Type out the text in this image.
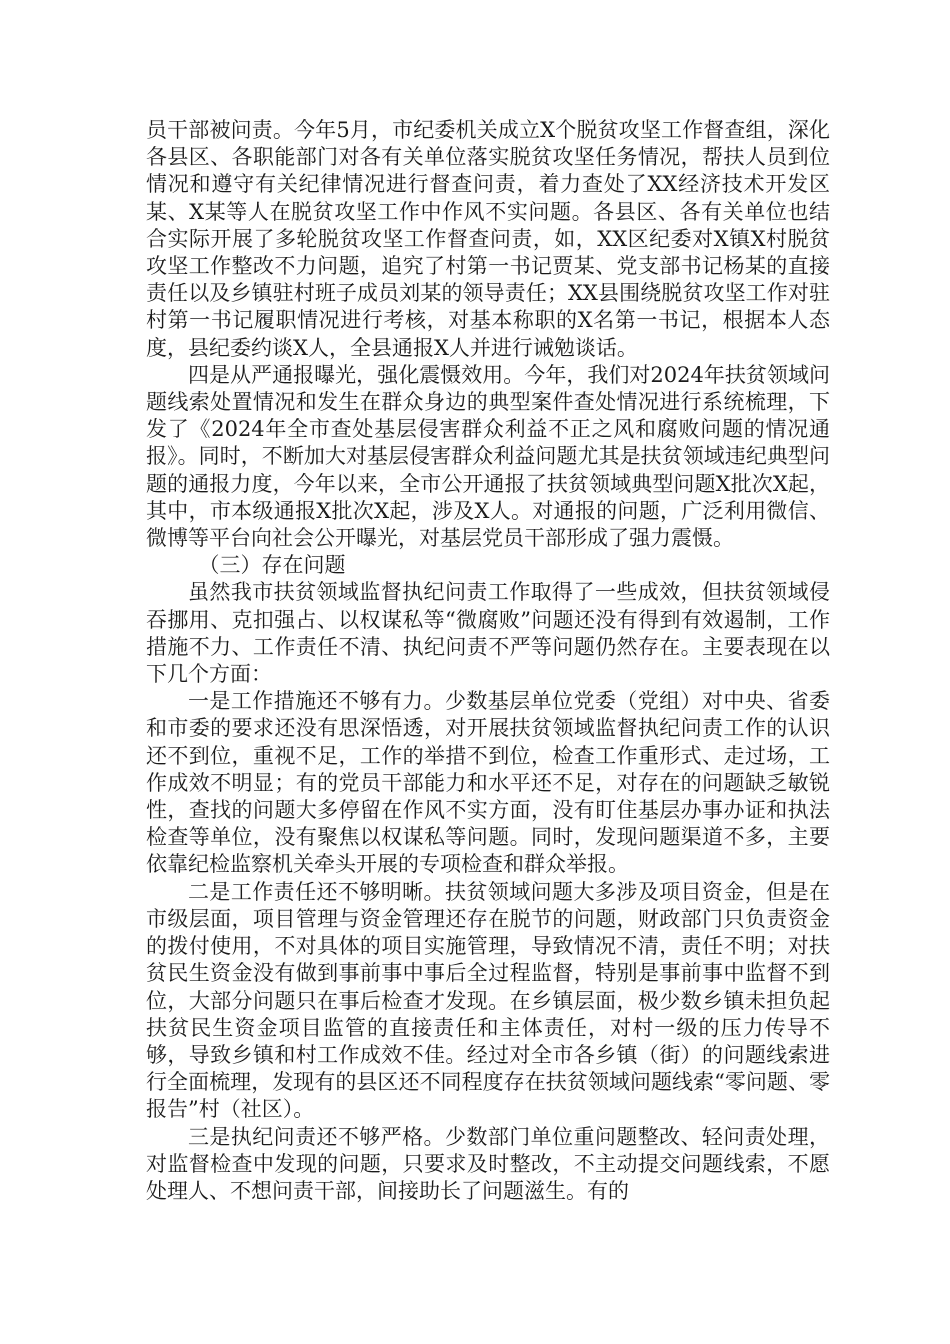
员干部被问责。今年5月，市纪委机关成立X个脱贫攻坚工作督查组，深化各县区、各职能部门对各有关单位落实脱贫攻坚任务情况，帮扶人员到位情况和遵守有关纪律情况进行督查问责，着力查处了XX经济技术开发区 某、X某等人在脱贫攻坚工作中作风不实问题。各县区、各有关单位也结合实际开展了多轮脱贫攻坚工作督查问责，如，XX区纪委对X镇X村脱贫攻坚工作整改不力问题，追究了村第一书记贾某、党支部书记杨某的直接责任以及乡镇驻村班子成员刘某的领导责任；XX县围绕脱贫攻坚工作对驻村第一书记履职情况进行考核，对基本称职的X名第一书记，根据本人态度，县纪委约谈X人，全县通报X人并进行诫勉谈话。

四是从严通报曝光，强化震慑效用。今年，我们对2024年扶贫领域问题线索处置情况和发生在群众身边的典型案件查处情况进行系统梳理，下发了《2024年全市查处基层侵害群众利益不正之风和腐败问题的情况通报》。同时，不断加大对基层侵害群众利益问题尤其是扶贫领域违纪典型问题的通报力度，今年以来，全市公开通报了扶贫领域典型问题X批次X起，其中，市本级通报X批次X起，涉及X人。对通报的问题，广泛利用微信、微博等平台向社会公开曝光，对基层党员干部形成了强力震慑。

（三）存在问题

虽然我市扶贫领域监督执纪问责工作取得了一些成效，但扶贫领域侵吞挪用、克扣强占、以权谋私等“微腐败”问题还没有得到有效遏制，工作措施不力、工作责任不清、执纪问责不严等问题仍然存在。主要表现在以下几个方面：

一是工作措施还不够有力。少数基层单位党委（党组）对中央、省委和市委的要求还没有思深悟透，对开展扶贫领域监督执纪问责工作的认识还不到位，重视不足，工作的举措不到位，检查工作重形式、走过场，工作成效不明显；有的党员干部能力和水平还不足，对存在的问题缺乏敏锐性，查找的问题大多停留在作风不实方面，没有盯住基层办事办证和执法检查等单位，没有聚焦以权谋私等问题。同时，发现问题渠道不多，主要依靠纪检监察机关牵头开展的专项检查和群众举报。

二是工作责任还不够明晰。扶贫领域问题大多涉及项目资金，但是在市级层面，项目管理与资金管理还存在脱节的问题，财政部门只负责资金的拨付使用，不对具体的项目实施管理，导致情况不清，责任不明；对扶贫民生资金没有做到事前事中事后全过程监督，特别是事前事中监督不到位，大部分问题只在事后检查才发现。在乡镇层面，极少数乡镇未担负起扶贫民生资金项目监管的直接责任和主体责任，对村一级的压力传导不够，导致乡镇和村工作成效不佳。经过对全市各乡镇（街）的问题线索进行全面梳理，发现有的县区还不同程度存在扶贫领域问题线索“零问题、零报告”村（社区）。

三是执纪问责还不够严格。少数部门单位重问题整改、轻问责处理，对监督检查中发现的问题，只要求及时整改，不主动提交问题线索，不愿处理人、不想问责干部，间接助长了问题滋生。有的
